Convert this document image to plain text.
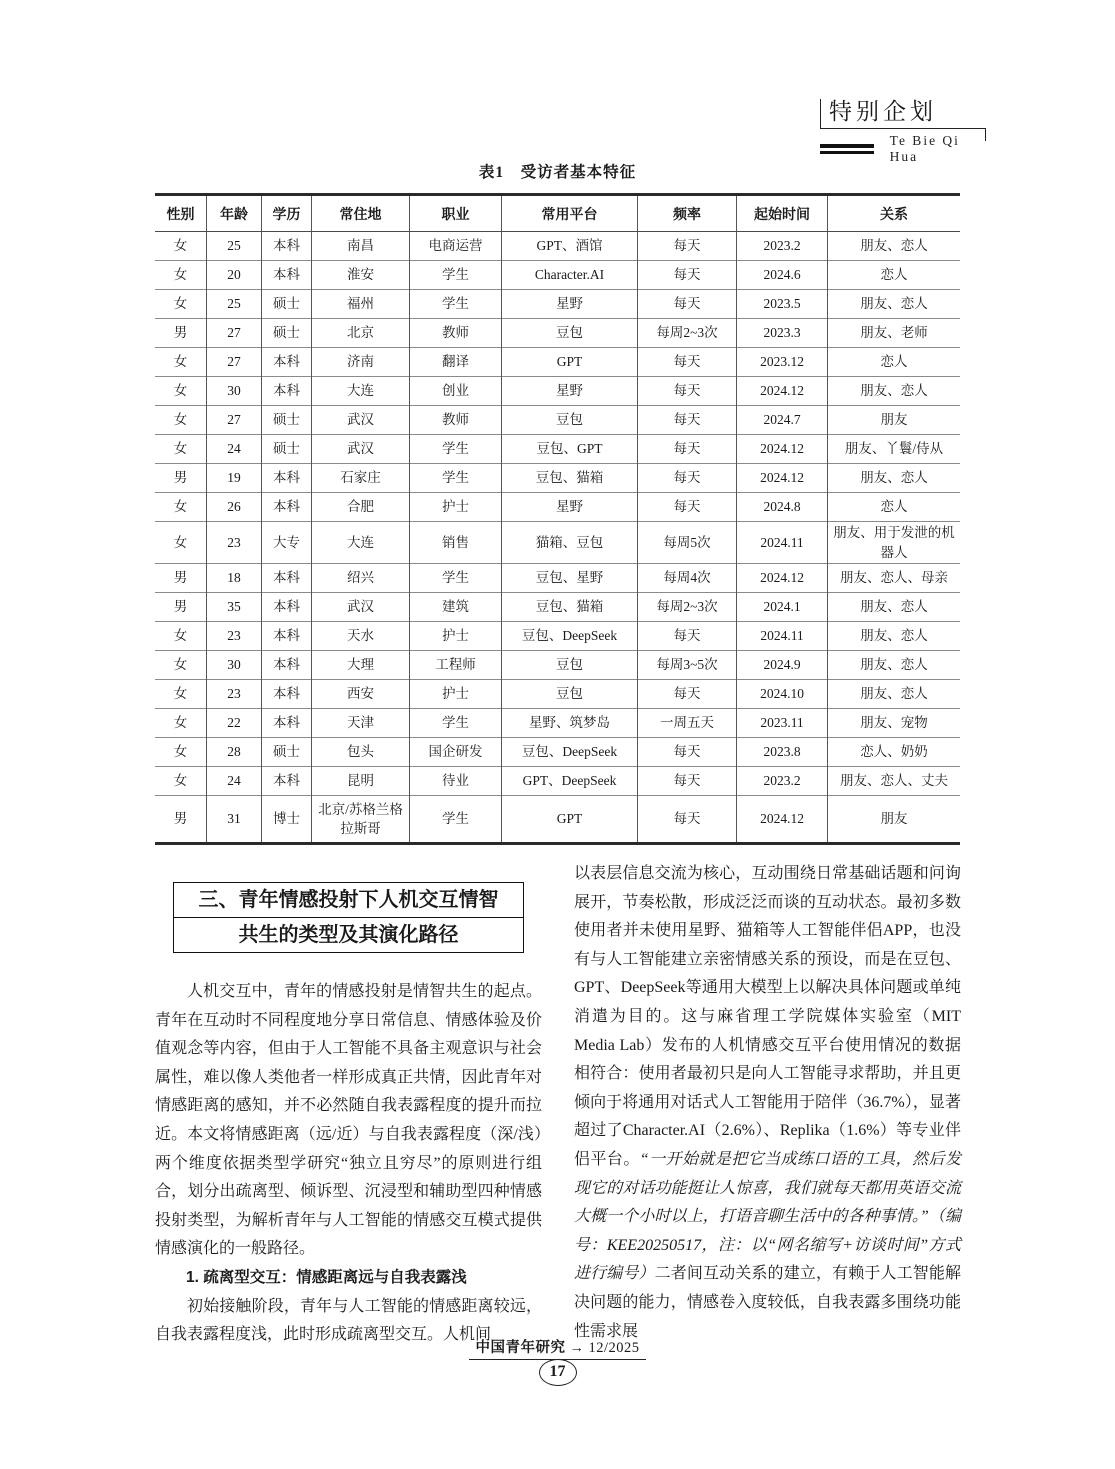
特别企划
Te Bie Qi Hua
表1　受访者基本特征
性别	年龄	学历	常住地	职业	常用平台	频率	起始时间	关系
女	25	本科	南昌	电商运营	GPT、酒馆	每天	2023.2	朋友、恋人
女	20	本科	淮安	学生	Character.AI	每天	2024.6	恋人
女	25	硕士	福州	学生	星野	每天	2023.5	朋友、恋人
男	27	硕士	北京	教师	豆包	每周2~3次	2023.3	朋友、老师
女	27	本科	济南	翻译	GPT	每天	2023.12	恋人
女	30	本科	大连	创业	星野	每天	2024.12	朋友、恋人
女	27	硕士	武汉	教师	豆包	每天	2024.7	朋友
女	24	硕士	武汉	学生	豆包、GPT	每天	2024.12	朋友、丫鬟/侍从
男	19	本科	石家庄	学生	豆包、猫箱	每天	2024.12	朋友、恋人
女	26	本科	合肥	护士	星野	每天	2024.8	恋人
女	23	大专	大连	销售	猫箱、豆包	每周5次	2024.11	朋友、用于发泄的机器人
男	18	本科	绍兴	学生	豆包、星野	每周4次	2024.12	朋友、恋人、母亲
男	35	本科	武汉	建筑	豆包、猫箱	每周2~3次	2024.1	朋友、恋人
女	23	本科	天水	护士	豆包、DeepSeek	每天	2024.11	朋友、恋人
女	30	本科	大理	工程师	豆包	每周3~5次	2024.9	朋友、恋人
女	23	本科	西安	护士	豆包	每天	2024.10	朋友、恋人
女	22	本科	天津	学生	星野、筑梦岛	一周五天	2023.11	朋友、宠物
女	28	硕士	包头	国企研发	豆包、DeepSeek	每天	2023.8	恋人、奶奶
女	24	本科	昆明	待业	GPT、DeepSeek	每天	2023.2	朋友、恋人、丈夫
男	31	博士	北京/苏格兰格拉斯哥	学生	GPT	每天	2024.12	朋友
三、青年情感投射下人机交互情智
共生的类型及其演化路径

人机交互中，青年的情感投射是情智共生的起点。青年在互动时不同程度地分享日常信息、情感体验及价值观念等内容，但由于人工智能不具备主观意识与社会属性，难以像人类他者一样形成真正共情，因此青年对情感距离的感知，并不必然随自我表露程度的提升而拉近。本文将情感距离（远/近）与自我表露程度（深/浅）两个维度依据类型学研究“独立且穷尽”的原则进行组合，划分出疏离型、倾诉型、沉浸型和辅助型四种情感投射类型，为解析青年与人工智能的情感交互模式提供情感演化的一般路径。

1. 疏离型交互：情感距离远与自我表露浅

初始接触阶段，青年与人工智能的情感距离较远，自我表露程度浅，此时形成疏离型交互。人机间

以表层信息交流为核心，互动围绕日常基础话题和问询展开，节奏松散，形成泛泛而谈的互动状态。最初多数使用者并未使用星野、猫箱等人工智能伴侣APP，也没有与人工智能建立亲密情感关系的预设，而是在豆包、GPT、DeepSeek等通用大模型上以解决具体问题或单纯消遣为目的。这与麻省理工学院媒体实验室（MIT Media Lab）发布的人机情感交互平台使用情况的数据相符合：使用者最初只是向人工智能寻求帮助，并且更倾向于将通用对话式人工智能用于陪伴（36.7%），显著超过了Character.AI（2.6%）、Replika（1.6%）等专业伴侣平台。“一开始就是把它当成练口语的工具，然后发现它的对话功能挺让人惊喜，我们就每天都用英语交流大概一个小时以上，打语音聊生活中的各种事情。”（编号：KEE20250517，注：以“网名缩写+访谈时间”方式进行编号）二者间互动关系的建立，有赖于人工智能解决问题的能力，情感卷入度较低，自我表露多围绕功能性需求展

中国青年研究 → 12/2025
17
